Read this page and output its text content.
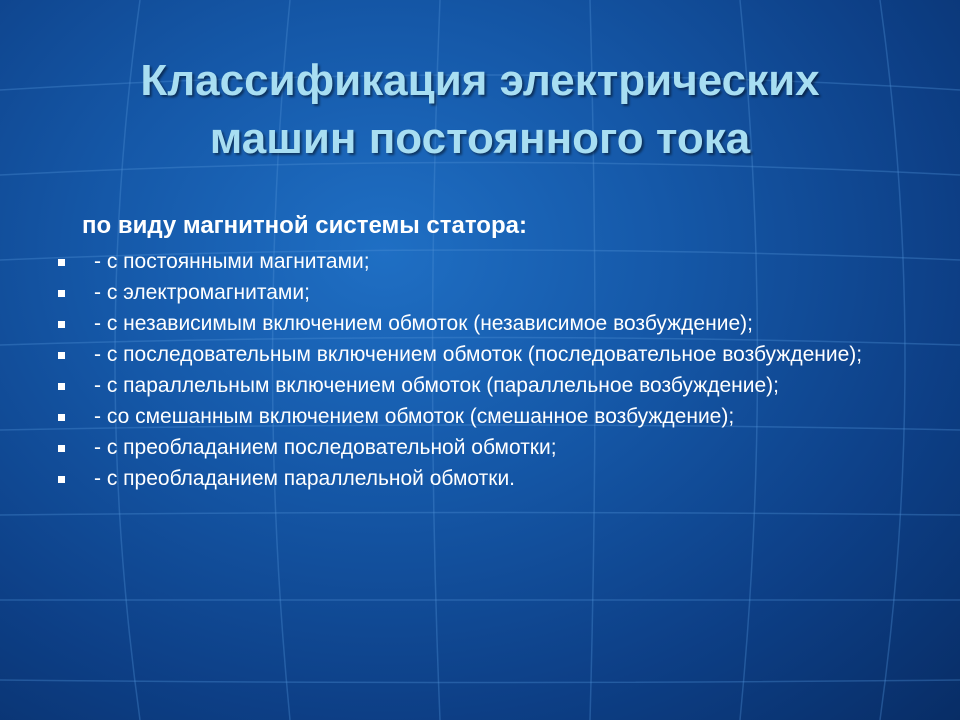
Классификация электрических
машин постоянного тока
по виду магнитной системы статора:
- с постоянными магнитами;
- с электромагнитами;
- с независимым включением обмоток (независимое возбуждение);
- с последовательным включением обмоток (последовательное возбуждение);
- с параллельным включением обмоток (параллельное возбуждение);
- со смешанным включением обмоток (смешанное возбуждение);
- с преобладанием последовательной обмотки;
- с преобладанием параллельной обмотки.
